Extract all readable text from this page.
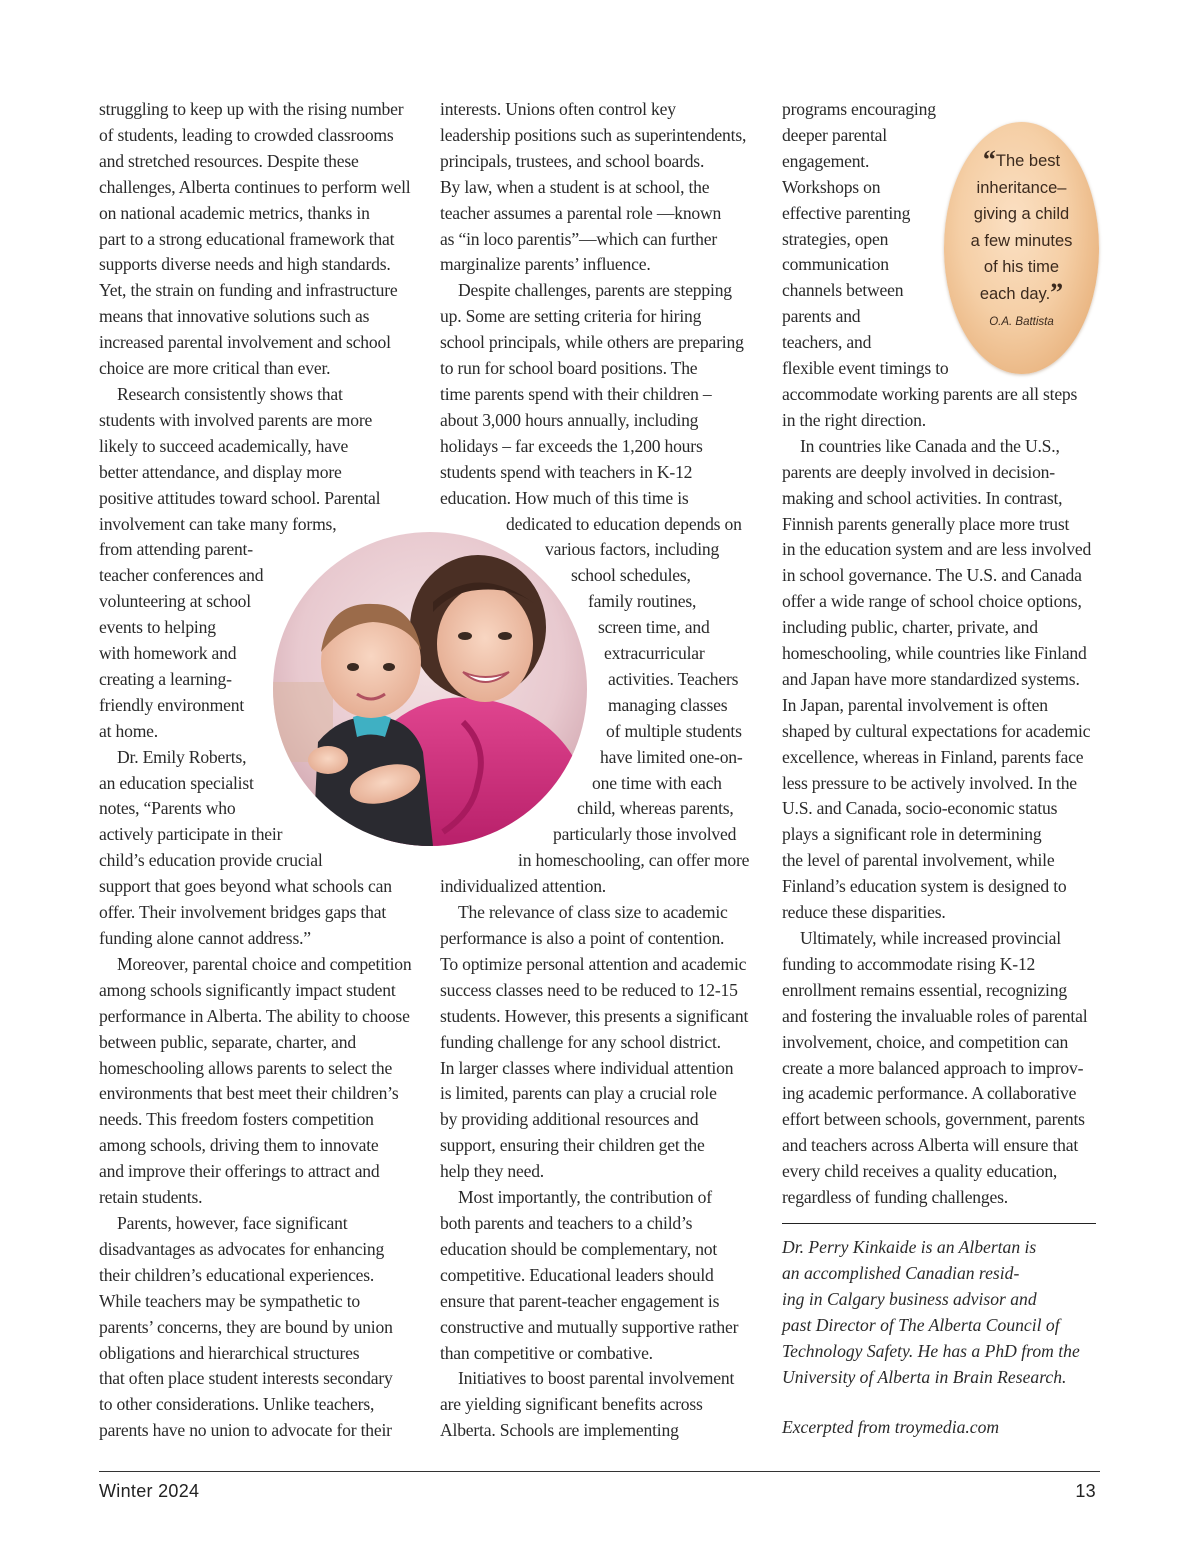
struggling to keep up with the rising number
of students, leading to crowded classrooms
and stretched resources. Despite these
challenges, Alberta continues to perform well
on national academic metrics, thanks in
part to a strong educational framework that
supports diverse needs and high standards.
Yet, the strain on funding and infrastructure
means that innovative solutions such as
increased parental involvement and school
choice are more critical than ever.

Research consistently shows that
students with involved parents are more
likely to succeed academically, have
better attendance, and display more
positive attitudes toward school. Parental
involvement can take many forms,
from attending parent-
teacher conferences and
volunteering at school
events to helping
with homework and
creating a learning-
friendly environment
at home.

Dr. Emily Roberts,
an education specialist
notes, “Parents who
actively participate in their
child’s education provide crucial
support that goes beyond what schools can
offer. Their involvement bridges gaps that
funding alone cannot address.”

Moreover, parental choice and competition
among schools significantly impact student
performance in Alberta. The ability to choose
between public, separate, charter, and
homeschooling allows parents to select the
environments that best meet their children’s
needs. This freedom fosters competition
among schools, driving them to innovate
and improve their offerings to attract and
retain students.

Parents, however, face significant
disadvantages as advocates for enhancing
their children’s educational experiences.
While teachers may be sympathetic to
parents’ concerns, they are bound by union
obligations and hierarchical structures
that often place student interests secondary
to other considerations. Unlike teachers,
parents have no union to advocate for their

interests. Unions often control key
leadership positions such as superintendents,
principals, trustees, and school boards.
By law, when a student is at school, the
teacher assumes a parental role —known
as “in loco parentis”—which can further
marginalize parents’ influence.

Despite challenges, parents are stepping
up. Some are setting criteria for hiring
school principals, while others are preparing
to run for school board positions. The
time parents spend with their children –
about 3,000 hours annually, including
holidays – far exceeds the 1,200 hours
students spend with teachers in K-12
education. How much of this time is
dedicated to education depends on
various factors, including
school schedules,
family routines,
screen time, and
extracurricular
activities. Teachers
managing classes
of multiple students
have limited one-on-
one time with each
child, whereas parents,
particularly those involved
in homeschooling, can offer more
individualized attention.

The relevance of class size to academic
performance is also a point of contention.
To optimize personal attention and academic
success classes need to be reduced to 12-15
students. However, this presents a significant
funding challenge for any school district.
In larger classes where individual attention
is limited, parents can play a crucial role
by providing additional resources and
support, ensuring their children get the
help they need.

Most importantly, the contribution of
both parents and teachers to a child’s
education should be complementary, not
competitive. Educational leaders should
ensure that parent-teacher engagement is
constructive and mutually supportive rather
than competitive or combative.

Initiatives to boost parental involvement
are yielding significant benefits across
Alberta. Schools are implementing

programs encouraging
deeper parental
engagement.
Workshops on
effective parenting
strategies, open
communication
channels between
parents and
teachers, and
flexible event timings to
accommodate working parents are all steps
in the right direction.

In countries like Canada and the U.S.,
parents are deeply involved in decision-
making and school activities. In contrast,
Finnish parents generally place more trust
in the education system and are less involved
in school governance. The U.S. and Canada
offer a wide range of school choice options,
including public, charter, private, and
homeschooling, while countries like Finland
and Japan have more standardized systems.
In Japan, parental involvement is often
shaped by cultural expectations for academic
excellence, whereas in Finland, parents face
less pressure to be actively involved. In the
U.S. and Canada, socio-economic status
plays a significant role in determining
the level of parental involvement, while
Finland’s education system is designed to
reduce these disparities.

Ultimately, while increased provincial
funding to accommodate rising K-12
enrollment remains essential, recognizing
and fostering the invaluable roles of parental
involvement, choice, and competition can
create a more balanced approach to improv-
ing academic performance. A collaborative
effort between schools, government, parents
and teachers across Alberta will ensure that
every child receives a quality education,
regardless of funding challenges.

“The best
inheritance–
giving a child
a few minutes
of his time
each day.”
O.A. Battista
Dr. Perry Kinkaide is an Albertan is
an accomplished Canadian resid-
ing in Calgary business advisor and
past Director of The Alberta Council of
Technology Safety. He has a PhD from the
University of Alberta in Brain Research.
Excerpted from troymedia.com
Winter 2024	13
